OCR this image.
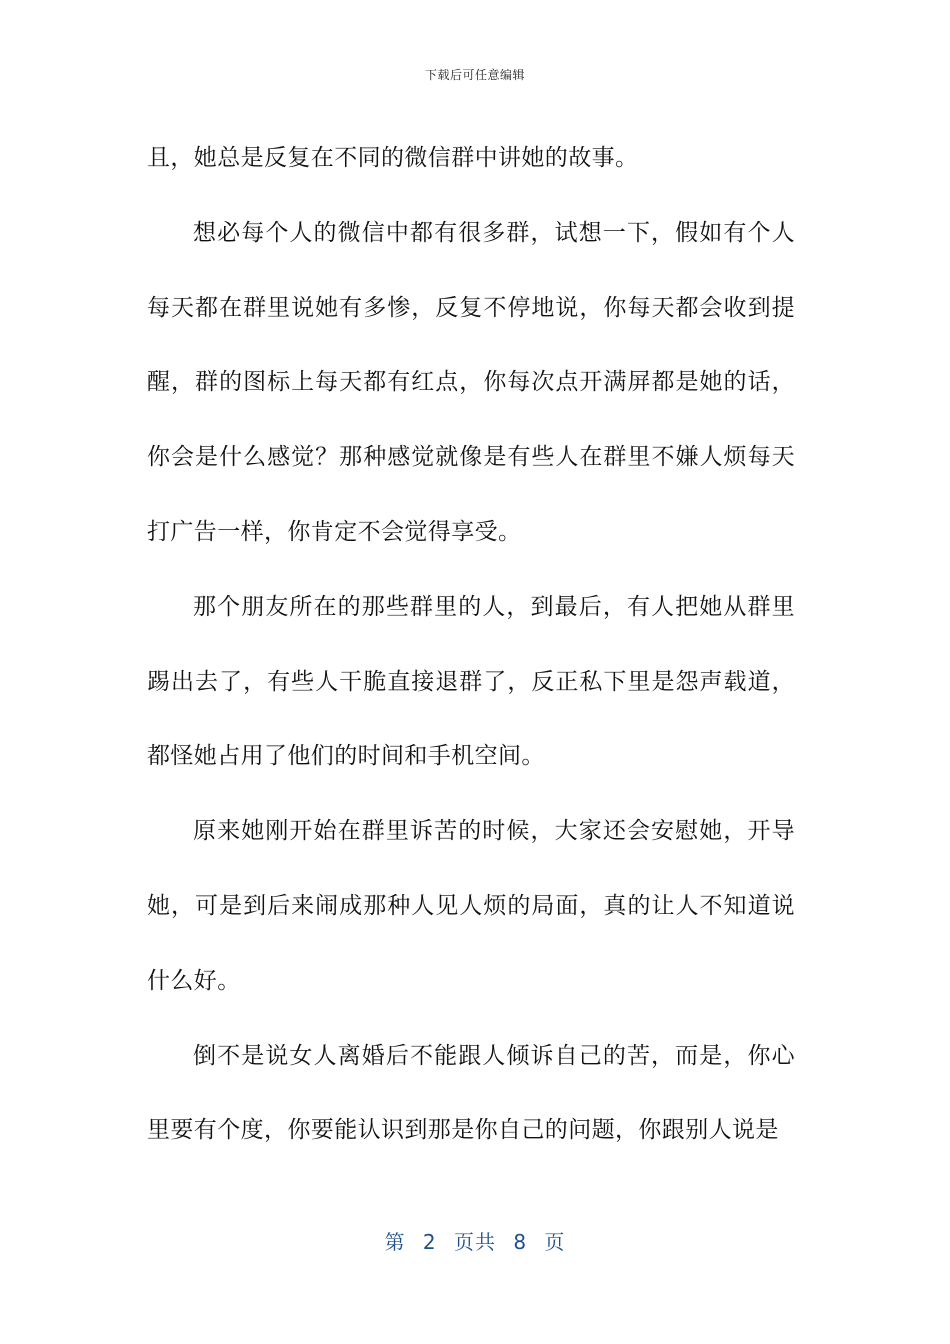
下载后可任意编辑

且，她总是反复在不同的微信群中讲她的故事。

想必每个人的微信中都有很多群，试想一下，假如有个人每天都在群里说她有多惨，反复不停地说，你每天都会收到提醒，群的图标上每天都有红点，你每次点开满屏都是她的话，你会是什么感觉？那种感觉就像是有些人在群里不嫌人烦每天打广告一样，你肯定不会觉得享受。

那个朋友所在的那些群里的人，到最后，有人把她从群里踢出去了，有些人干脆直接退群了，反正私下里是怨声载道，都怪她占用了他们的时间和手机空间。

原来她刚开始在群里诉苦的时候，大家还会安慰她，开导她，可是到后来闹成那种人见人烦的局面，真的让人不知道说什么好。

倒不是说女人离婚后不能跟人倾诉自己的苦，而是，你心里要有个度，你要能认识到那是你自己的问题，你跟别人说是

第 2 页共 8 页
